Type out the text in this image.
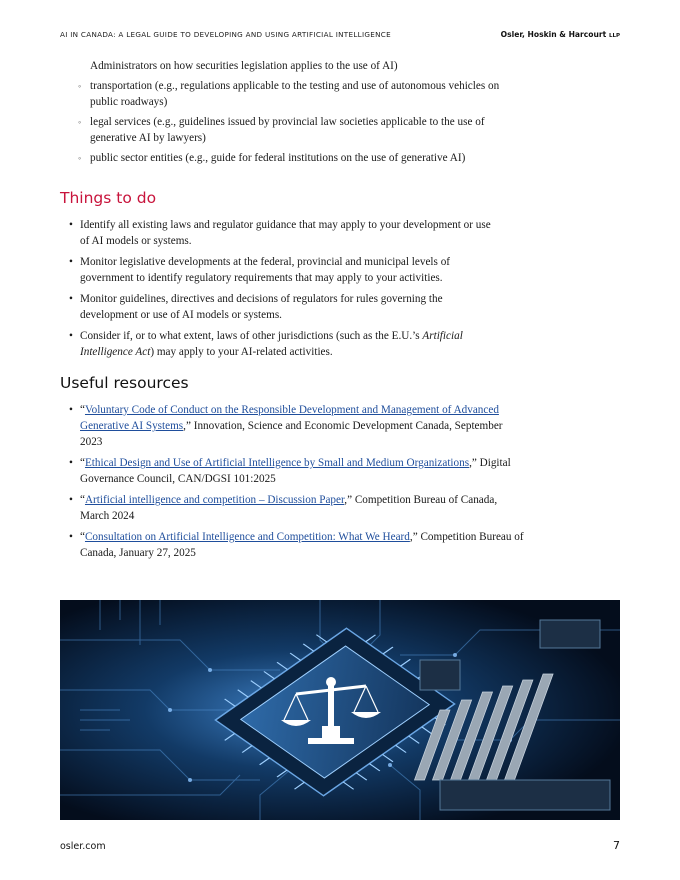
AI IN CANADA: A LEGAL GUIDE TO DEVELOPING AND USING ARTIFICIAL INTELLIGENCE	Osler, Hoskin & Harcourt LLP
Administrators on how securities legislation applies to the use of AI)
◦ transportation (e.g., regulations applicable to the testing and use of autonomous vehicles on public roadways)
◦ legal services (e.g., guidelines issued by provincial law societies applicable to the use of generative AI by lawyers)
◦ public sector entities (e.g., guide for federal institutions on the use of generative AI)
Things to do
• Identify all existing laws and regulator guidance that may apply to your development or use of AI models or systems.
• Monitor legislative developments at the federal, provincial and municipal levels of government to identify regulatory requirements that may apply to your activities.
• Monitor guidelines, directives and decisions of regulators for rules governing the development or use of AI models or systems.
• Consider if, or to what extent, laws of other jurisdictions (such as the E.U.’s Artificial Intelligence Act) may apply to your AI-related activities.
Useful resources
• “Voluntary Code of Conduct on the Responsible Development and Management of Advanced Generative AI Systems,” Innovation, Science and Economic Development Canada, September 2023
• “Ethical Design and Use of Artificial Intelligence by Small and Medium Organizations,” Digital Governance Council, CAN/DGSI 101:2025
• “Artificial intelligence and competition – Discussion Paper,” Competition Bureau of Canada, March 2024
• “Consultation on Artificial Intelligence and Competition: What We Heard,” Competition Bureau of Canada, January 27, 2025
osler.com	7
